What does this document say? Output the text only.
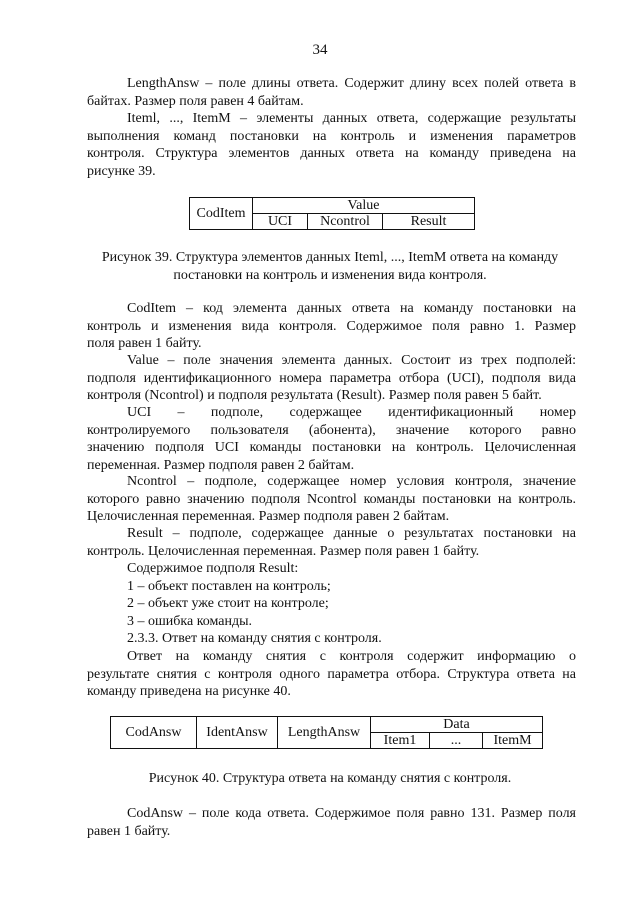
34
LengthAnsw – поле длины ответа. Содержит длину всех полей ответа в
байтах. Размер поля равен 4 байтам.
Iteml, ..., ItemM – элементы данных ответа, содержащие результаты
выполнения команд постановки на контроль и изменения параметров
контроля. Структура элементов данных ответа на команду приведена на
рисунке 39.
CodItem	Value		
	UCI	Ncontrol	Result
Рисунок 39. Структура элементов данных Iteml, ..., ItemM ответа на команду
постановки на контроль и изменения вида контроля.
CodItem – код элемента данных ответа на команду постановки на
контроль и изменения вида контроля. Содержимое поля равно 1. Размер
поля равен 1 байту.
Value – поле значения элемента данных. Состоит из трех подполей:
подполя идентификационного номера параметра отбора (UCI), подполя вида
контроля (Ncontrol) и подполя результата (Result). Размер поля равен 5 байт.
UCI – подполе, содержащее идентификационный номер
контролируемого пользователя (абонента), значение которого равно
значению подполя UCI команды постановки на контроль. Целочисленная
переменная. Размер подполя равен 2 байтам.
Ncontrol – подполе, содержащее номер условия контроля, значение
которого равно значению подполя Ncontrol команды постановки на контроль.
Целочисленная переменная. Размер подполя равен 2 байтам.
Result – подполе, содержащее данные о результатах постановки на
контроль. Целочисленная переменная. Размер поля равен 1 байту.
Содержимое подполя Result:
1 – объект поставлен на контроль;
2 – объект уже стоит на контроле;
3 – ошибка команды.
2.3.3. Ответ на команду снятия с контроля.
Ответ на команду снятия с контроля содержит информацию о
результате снятия с контроля одного параметра отбора. Структура ответа на
команду приведена на рисунке 40.
CodAnsw	IdentAnsw	LengthAnsw	Data		
			Item1	...	ItemM
Рисунок 40. Структура ответа на команду снятия с контроля.
CodAnsw – поле кода ответа. Содержимое поля равно 131. Размер поля
равен 1 байту.
